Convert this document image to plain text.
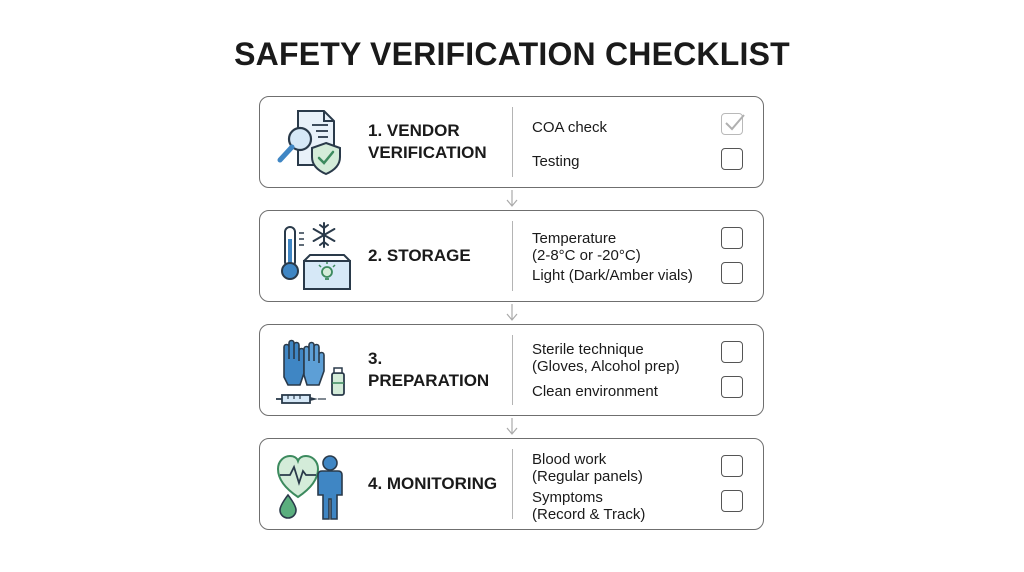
SAFETY VERIFICATION CHECKLIST
1. VENDOR
VERIFICATION
COA check
Testing
2. STORAGE
Temperature
(2-8°C or -20°C)
Light (Dark/Amber vials)
3. PREPARATION
Sterile technique
(Gloves, Alcohol prep)
Clean environment
4. MONITORING
Blood work
(Regular panels)
Symptoms
(Record & Track)
